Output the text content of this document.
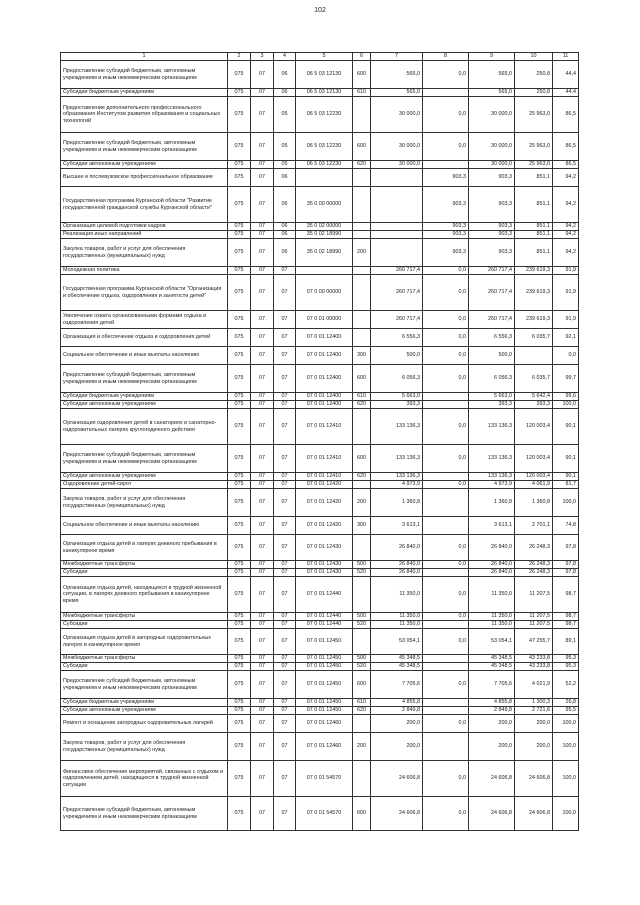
102
1	2	3	4	5	6	7	8	9	10	11
Предоставление субсидий бюджетным, автономным учреждениям и иным некоммерческим организациям	075	07	06	06 5 03 12130	600	565,0	0,0	565,0	250,8	44,4
Субсидии бюджетным учреждениям	075	07	06	06 5 03 12130	610	565,0		565,0	250,8	44,4
Предоставление дополнительного профессионального образования Институтом развития образования и социальных технологий	075	07	05	06 5 03 12230		30 000,0	0,0	30 000,0	25 963,0	86,5
Предоставление субсидий бюджетным, автономным учреждениям и иным некоммерческим организациям	075	07	05	06 5 03 12230	600	30 000,0	0,0	30 000,0	25 963,0	86,5
Субсидии автономным учреждениям	075	07	05	06 5 03 12230	620	30 000,0		30 000,0	25 963,0	86,5
Высшее и послевузовское профессиональное образование	075	07	06				903,3	903,3	851,1	94,2
Государственная программа Курганской области "Развитие государственной гражданской службы Курганской области"	075	07	06	35 0 00 00000			903,3	903,3	851,1	94,2
Организация целевой подготовки кадров	075	07	06	35 0 02 00000			903,3	903,3	851,1	94,2
Реализация иных направлений	075	07	06	35 0 02 18990			903,3	903,3	851,1	94,2
Закупка товаров, работ и услуг для обеспечения государственных (муниципальных) нужд	075	07	06	35 0 02 18990	200		903,3	903,3	851,1	94,2
Молодежная политика	075	07	07			260 717,4	0,0	260 717,4	239 619,3	91,9
Государственная программа Курганской области "Организация и обеспечение отдыха, оздоровления и занятости детей"	075	07	07	07 0 00 00000		260 717,4	0,0	260 717,4	239 619,3	91,9
Увеличение охвата организованными формами отдыха и оздоровления детей	075	07	07	07 0 01 00000		260 717,4	0,0	260 717,4	239 619,3	91,9
Организация и обеспечение отдыха и оздоровления детей	075	07	07	07 0 01 12400		6 556,3	0,0	6 556,3	6 035,7	92,1
Социальное обеспечение и иные выплаты населению	075	07	07	07 0 01 12400	300	500,0	0,0	500,0		0,0
Предоставление субсидий бюджетным, автономным учреждениям и иным некоммерческим организациям	075	07	07	07 0 01 12400	600	6 056,3	0,0	6 056,3	6 035,7	99,7
Субсидии бюджетным учреждениям	075	07	07	07 0 01 12400	610	5 663,0		5 663,0	5 642,4	99,6
Субсидии автономным учреждениям	075	07	07	07 0 01 12400	620	393,3		393,3	393,3	100,0
Организация оздоровления детей в санаториях и санаторно-оздоровительных лагерях круглогодичного действия	075	07	07	07 0 01 12410		133 136,3	0,0	133 136,3	120 003,4	90,1
Предоставление субсидий бюджетным, автономным учреждениям и иным некоммерческим организациям	075	07	07	07 0 01 12410	600	133 136,3	0,0	133 136,3	120 003,4	90,1
Субсидии автономным учреждениям	075	07	07	07 0 01 12410	620	133 136,3		133 136,3	120 003,4	90,1
Оздоровление детей-сирот	075	07	07	07 0 01 12420		4 973,9	0,0	4 973,9	4 061,9	81,7
Закупка товаров, работ и услуг для обеспечения государственных (муниципальных) нужд	075	07	07	07 0 01 12420	200	1 360,8		1 360,8	1 360,8	100,0
Социальное обеспечение и иные выплаты населению	075	07	07	07 0 01 12420	300	3 613,1		3 613,1	2 701,1	74,8
Организация отдыха детей в лагерях дневного пребывания в каникулярное время	075	07	07	07 0 01 12430		26 840,0	0,0	26 840,0	26 248,3	97,8
Межбюджетные трансферты	075	07	07	07 0 01 12430	500	26 840,0	0,0	26 840,0	26 248,3	97,8
Субсидии	075	07	07	07 0 01 12430	520	26 840,0		26 840,0	26 248,3	97,8
Организация отдыха детей, находящихся в трудной жизненной ситуации, в лагерях дневного пребывания в каникулярное время	075	07	07	07 0 01 12440		11 350,0	0,0	11 350,0	11 207,5	98,7
Межбюджетные трансферты	075	07	07	07 0 01 12440	500	11 350,0	0,0	11 350,0	11 207,5	98,7
Субсидии	075	07	07	07 0 01 12440	520	11 350,0		11 350,0	11 207,5	98,7
Организация отдыха детей в загородных оздоровительных лагерях в каникулярное время	075	07	07	07 0 01 12450		53 054,1	0,0	53 054,1	47 255,7	89,1
Межбюджетные трансферты	075	07	07	07 0 01 12450	500	45 348,5		45 348,5	43 233,8	95,3
Субсидии	075	07	07	07 0 01 12450	520	45 348,5		45 348,5	43 233,8	95,3
Предоставление субсидий бюджетным, автономным учреждениям и иным некоммерческим организациям	075	07	07	07 0 01 12450	600	7 705,6	0,0	7 705,6	4 021,9	52,2
Субсидии бюджетным учреждениям	075	07	07	07 0 01 12450	610	4 855,8		4 855,8	1 300,3	26,8
Субсидии автономным учреждениям	075	07	07	07 0 01 12450	620	2 849,8		2 849,8	2 721,6	95,5
Ремонт и оснащение загородных оздоровительных лагерей	075	07	07	07 0 01 12460		200,0	0,0	200,0	200,0	100,0
Закупка товаров, работ и услуг для обеспечения государственных (муниципальных) нужд	075	07	07	07 0 01 12460	200	200,0		200,0	200,0	100,0
Финансовое обеспечение мероприятий, связанных с отдыхом и оздоровлением детей, находящихся в трудной жизненной ситуации	075	07	07	07 0 01 54570		24 606,8	0,0	24 606,8	24 606,8	100,0
Предоставление субсидий бюджетным, автономным учреждениям и иным некоммерческим организациям	075	07	07	07 0 01 54570	600	24 606,8	0,0	24 606,8	24 606,8	100,0
